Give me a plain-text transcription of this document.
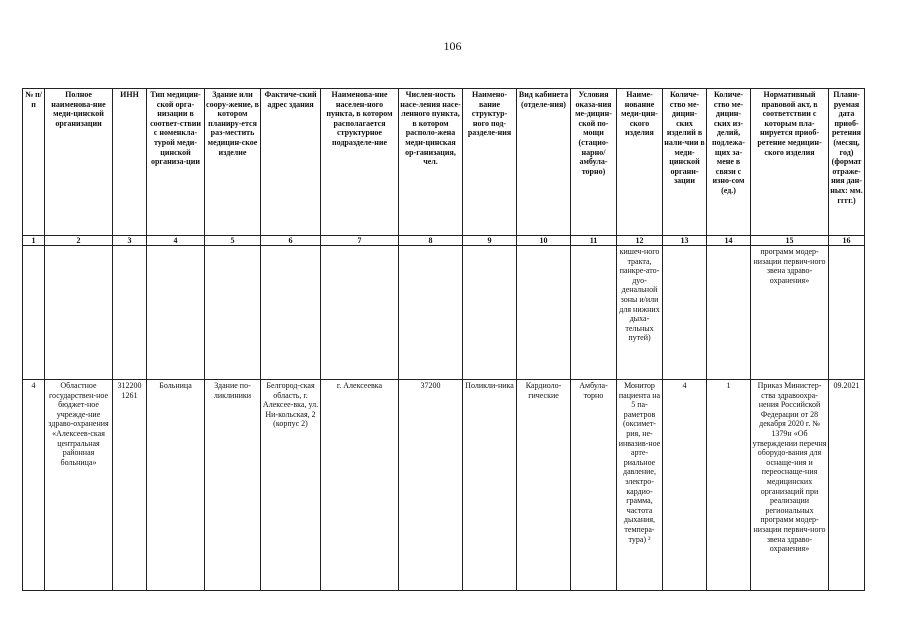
106
№ п/п	Полное наименова-ние меди-цинской организации	ИНН	Тип медицин-ской орга-низации в соответ-ствии с номенкла-турой меди-цинской организа-ции	Здание или соору-жение, в котором планиру-ется раз-местить медицин-ское изделие	Фактиче-ский адрес здания	Наименова-ние населен-ного пункта, в котором располагается структурное подразделе-ние	Числен-ность насе-ления насе-ленного пункта, в котором располо-жена меди-цинская ор-ганизация, чел.	Наимено-вание структур-ного под-разделе-ния	Вид кабинета (отделе-ния)	Условия оказа-ния ме-дицин-ской по-мощи (стацио-нарно/ амбула-торно)	Наиме-нование меди-цин-ского изделия	Количе-ство ме-дицин-ских изделий в нали-чии в меди-цинской органи-зации	Количе-ство ме-дицин-ских из-делий, подлежа-щих за-мене в связи с изно-сом (ед.)	Нормативный правовой акт, в соответствии с которым пла-нируется приоб-ретение медицин-ского изделия	Плани-руемая дата приоб-ретения (месяц, год) (формат отраже-ния дан-ных: мм. гггг.)
1	2	3	4	5	6	7	8	9	10	11	12	13	14	15	16
											кишеч-ного тракта, панкре-ато-дуо-денальной зоны и/или для нижних дыха-тельных путей)			программ модер-низации первич-ного звена здраво-охранения»	
4	Областное государствен-ное бюджет-ное учрежде-ние здраво-охранения «Алексеев-ская центральная районная больница»	312200 1261	Больница	Здание по-ликлиники	Белгород-ская область, г. Алексее-вка, ул. Ни-кольская, 2 (корпус 2)	г. Алексеевка	37200	Поликли-ника	Кардиоло-гические	Амбула-торно	Монитор пациента на 5 па-раметров (оксимет-рия, не-инвазив-ное арте-риальное давление, электро-кардио-грамма, частота дыхания, темпера-тура) ²	4	1	Приказ Министер-ства здравоохра-нения Российской Федерации от 28 декабря 2020 г. № 1379н «Об утверждении перечня оборудо-вания для оснаще-ния и переоснаще-ния медицинских организаций при реализации региональных программ модер-низации первич-ного звена здраво-охранения»	09.2021
